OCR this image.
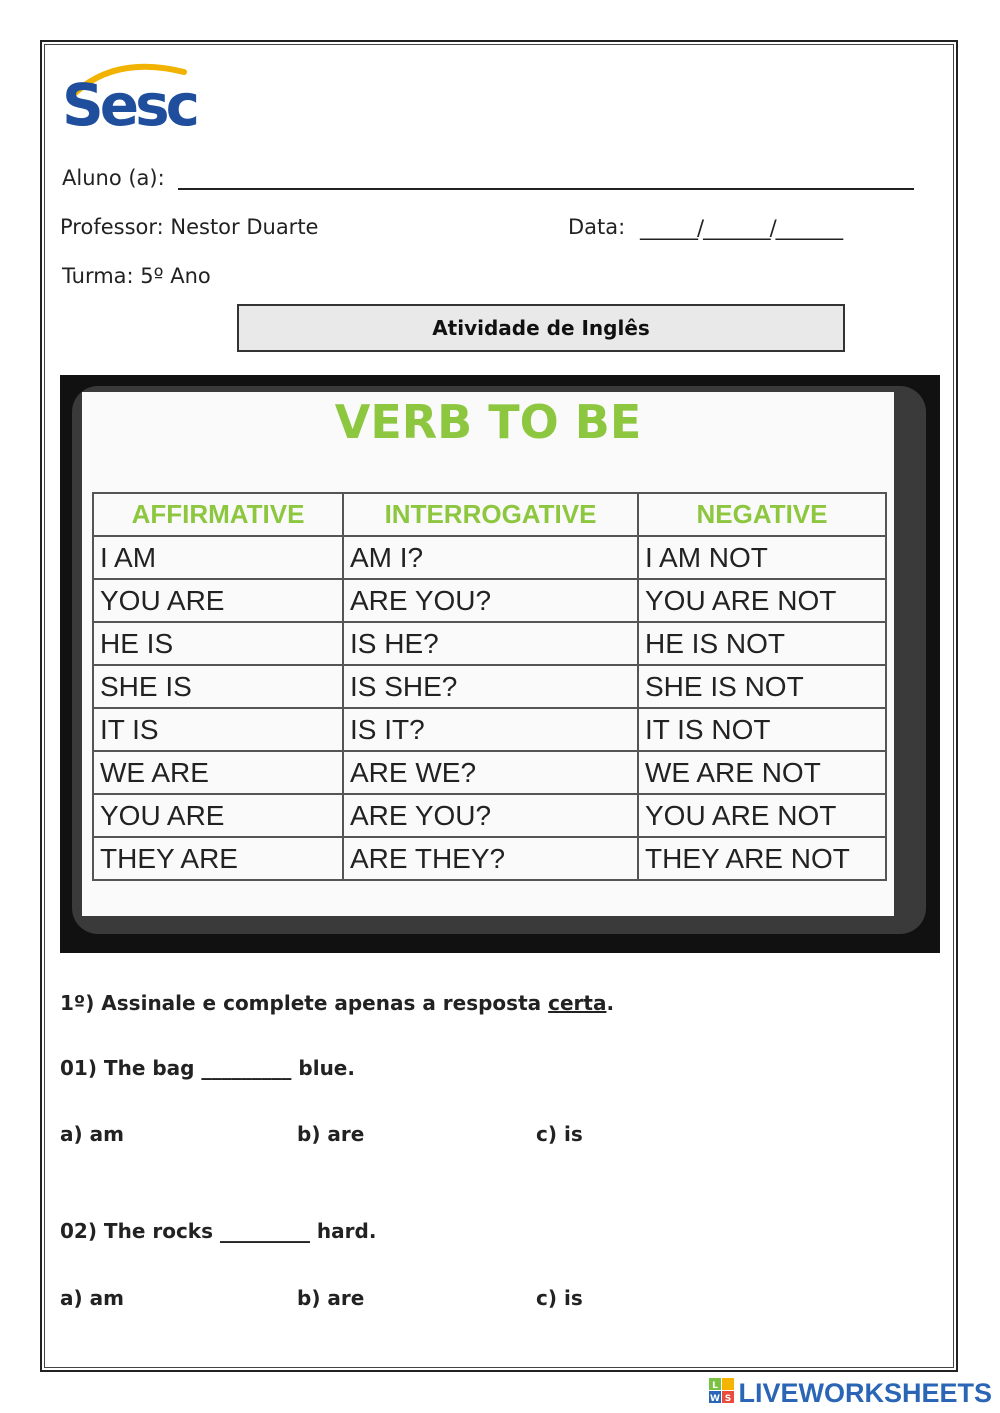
Sesc
Aluno (a):
Professor: Nestor Duarte	Data: ______/_______/_______
Turma: 5º Ano
Atividade de Inglês
VERB TO BE
AFFIRMATIVE	INTERROGATIVE	NEGATIVE
I AM	AM I?	I AM NOT
YOU ARE	ARE YOU?	YOU ARE NOT
HE IS	IS HE?	HE IS NOT
SHE IS	IS SHE?	SHE IS NOT
IT IS	IS IT?	IT IS NOT
WE ARE	ARE WE?	WE ARE NOT
YOU ARE	ARE YOU?	YOU ARE NOT
THEY ARE	ARE THEY?	THEY ARE NOT
1º) Assinale e complete apenas a resposta certa.
01) The bag _________ blue.
a) am	b) are	c) is
02) The rocks _________ hard.
a) am	b) are	c) is
L
W S LIVEWORKSHEETS
